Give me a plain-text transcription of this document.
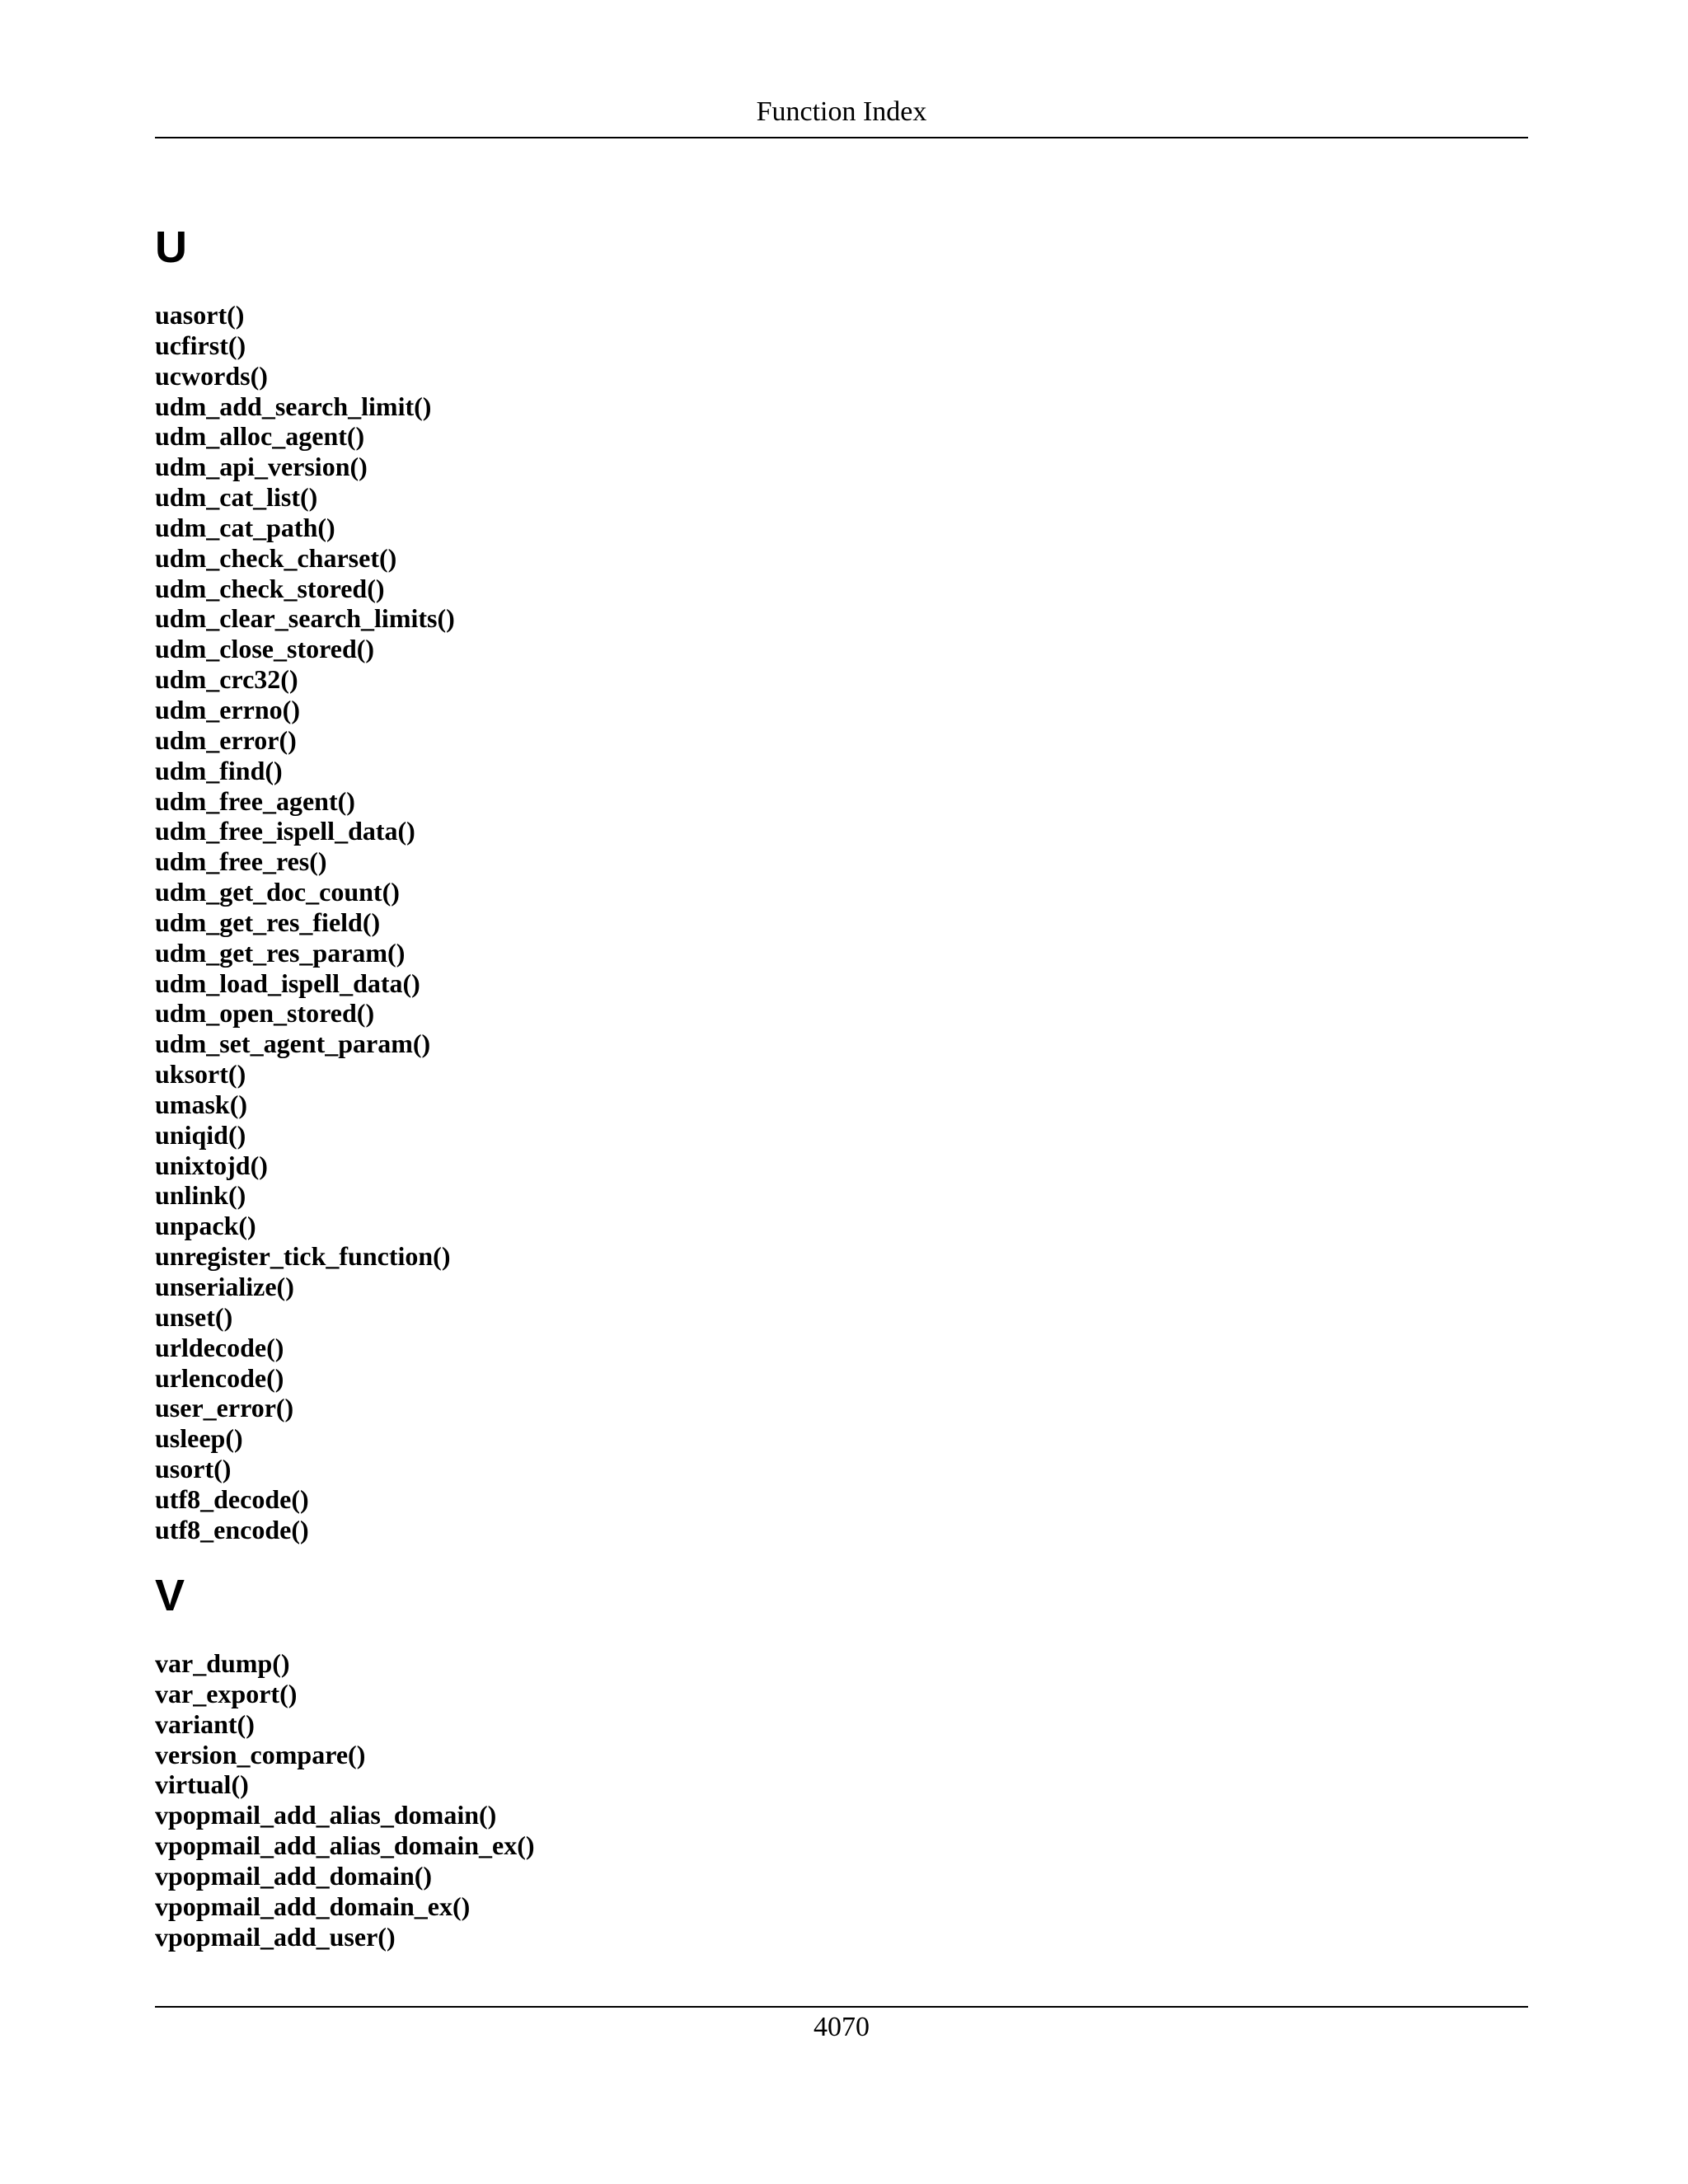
Function Index
U
uasort()
ucfirst()
ucwords()
udm_add_search_limit()
udm_alloc_agent()
udm_api_version()
udm_cat_list()
udm_cat_path()
udm_check_charset()
udm_check_stored()
udm_clear_search_limits()
udm_close_stored()
udm_crc32()
udm_errno()
udm_error()
udm_find()
udm_free_agent()
udm_free_ispell_data()
udm_free_res()
udm_get_doc_count()
udm_get_res_field()
udm_get_res_param()
udm_load_ispell_data()
udm_open_stored()
udm_set_agent_param()
uksort()
umask()
uniqid()
unixtojd()
unlink()
unpack()
unregister_tick_function()
unserialize()
unset()
urldecode()
urlencode()
user_error()
usleep()
usort()
utf8_decode()
utf8_encode()
V
var_dump()
var_export()
variant()
version_compare()
virtual()
vpopmail_add_alias_domain()
vpopmail_add_alias_domain_ex()
vpopmail_add_domain()
vpopmail_add_domain_ex()
vpopmail_add_user()
4070
